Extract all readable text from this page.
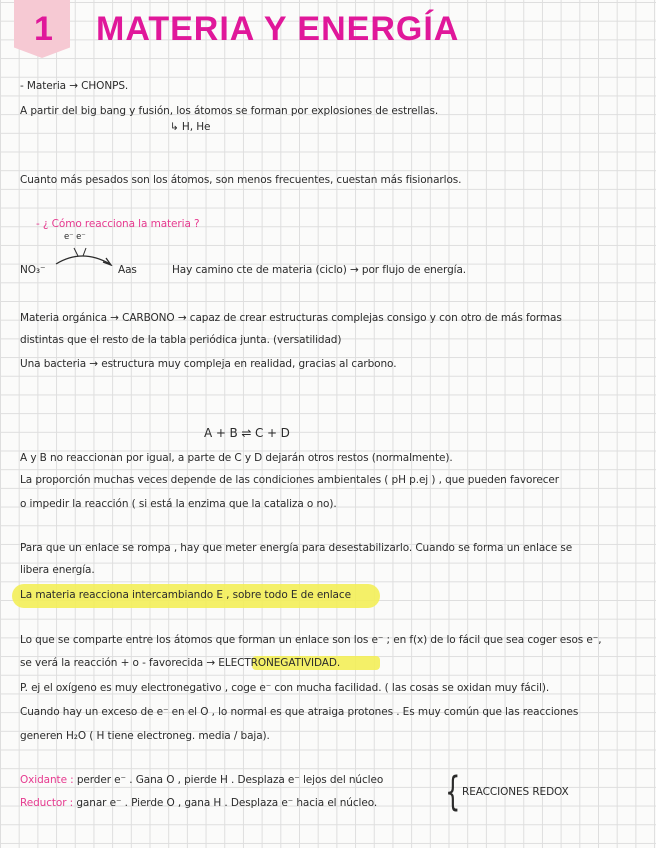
1 MATERIA Y ENERGÍA
- Materia → CHONPS.
A partir del big bang y fusión, los átomos se forman por explosiones de estrellas.
↳ H, He
Cuanto más pesados son los átomos, son menos frecuentes, cuestan más fisionarlos.
- ¿ Cómo reacciona la materia ?
e⁻ e⁻
NO₃⁻	Aas	Hay camino cte de materia (ciclo) → por flujo de energía.
Materia orgánica → CARBONO → capaz de crear estructuras complejas consigo y con otro de más formas
distintas que el resto de la tabla periódica junta. (versatilidad)
Una bacteria → estructura muy compleja en realidad, gracias al carbono.
A + B ⇌ C + D
A y B no reaccionan por igual, a parte de C y D dejarán otros restos (normalmente).
La proporción muchas veces depende de las condiciones ambientales ( pH p.ej ) , que pueden favorecer
o impedir la reacción ( si está la enzima que la cataliza o no).
Para que un enlace se rompa , hay que meter energía para desestabilizarlo. Cuando se forma un enlace se
libera energía.
La materia reacciona intercambiando E , sobre todo E de enlace
Lo que se comparte entre los átomos que forman un enlace son los e⁻ ; en f(x) de lo fácil que sea coger esos e⁻,
se verá la reacción + o - favorecida → ELECTRONEGATIVIDAD.
P. ej el oxígeno es muy electronegativo , coge e⁻ con mucha facilidad. ( las cosas se oxidan muy fácil).
Cuando hay un exceso de e⁻ en el O , lo normal es que atraiga protones . Es muy común que las reacciones
generen H₂O ( H tiene electroneg. media / baja).
Oxidante : perder e⁻ . Gana O , pierde H . Desplaza e⁻ lejos del núcleo
Reductor : ganar e⁻ . Pierde O , gana H . Desplaza e⁻ hacia el núcleo. { REACCIONES REDOX
